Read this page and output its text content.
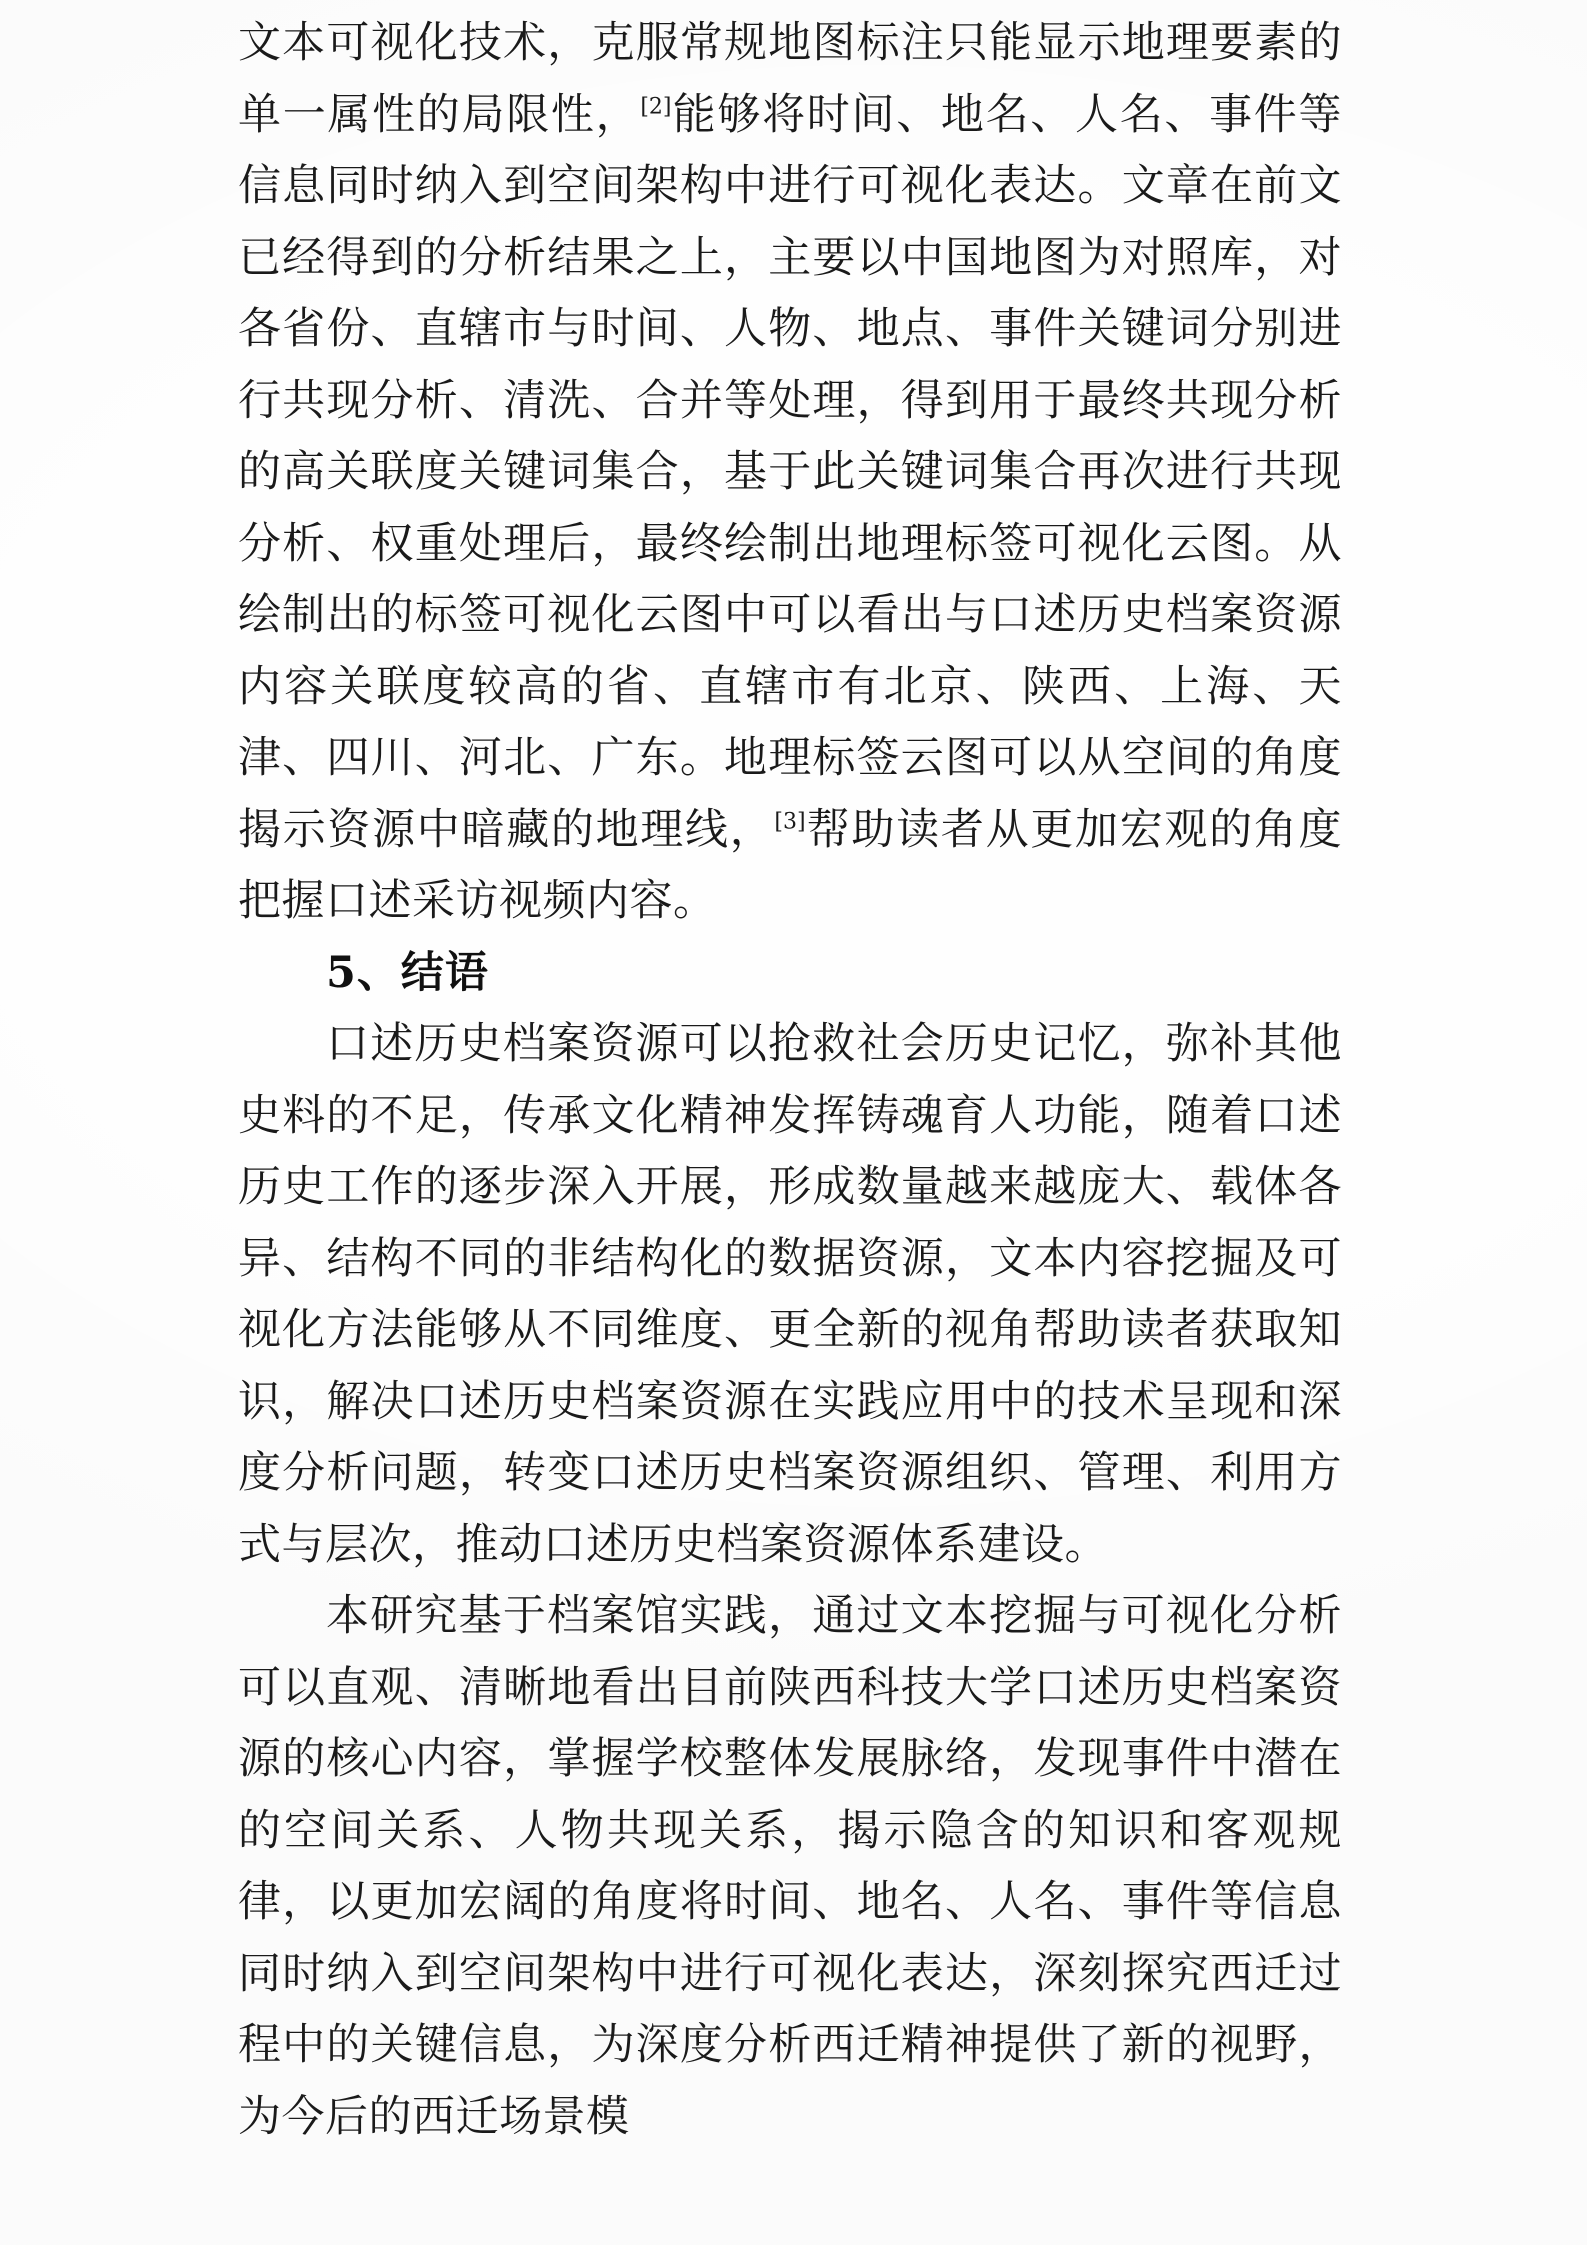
文本可视化技术，克服常规地图标注只能显示地理要素的单一属性的局限性，[2]能够将时间、地名、人名、事件等信息同时纳入到空间架构中进行可视化表达。文章在前文已经得到的分析结果之上，主要以中国地图为对照库，对各省份、直辖市与时间、人物、地点、事件关键词分别进行共现分析、清洗、合并等处理，得到用于最终共现分析的高关联度关键词集合，基于此关键词集合再次进行共现分析、权重处理后，最终绘制出地理标签可视化云图。从绘制出的标签可视化云图中可以看出与口述历史档案资源内容关联度较高的省、直辖市有北京、陕西、上海、天津、四川、河北、广东。地理标签云图可以从空间的角度揭示资源中暗藏的地理线，[3]帮助读者从更加宏观的角度把握口述采访视频内容。

5、结语

口述历史档案资源可以抢救社会历史记忆，弥补其他史料的不足，传承文化精神发挥铸魂育人功能，随着口述历史工作的逐步深入开展，形成数量越来越庞大、载体各异、结构不同的非结构化的数据资源，文本内容挖掘及可视化方法能够从不同维度、更全新的视角帮助读者获取知识，解决口述历史档案资源在实践应用中的技术呈现和深度分析问题，转变口述历史档案资源组织、管理、利用方式与层次，推动口述历史档案资源体系建设。

本研究基于档案馆实践，通过文本挖掘与可视化分析可以直观、清晰地看出目前陕西科技大学口述历史档案资源的核心内容，掌握学校整体发展脉络，发现事件中潜在的空间关系、人物共现关系，揭示隐含的知识和客观规律，以更加宏阔的角度将时间、地名、人名、事件等信息同时纳入到空间架构中进行可视化表达，深刻探究西迁过程中的关键信息，为深度分析西迁精神提供了新的视野，为今后的西迁场景模
